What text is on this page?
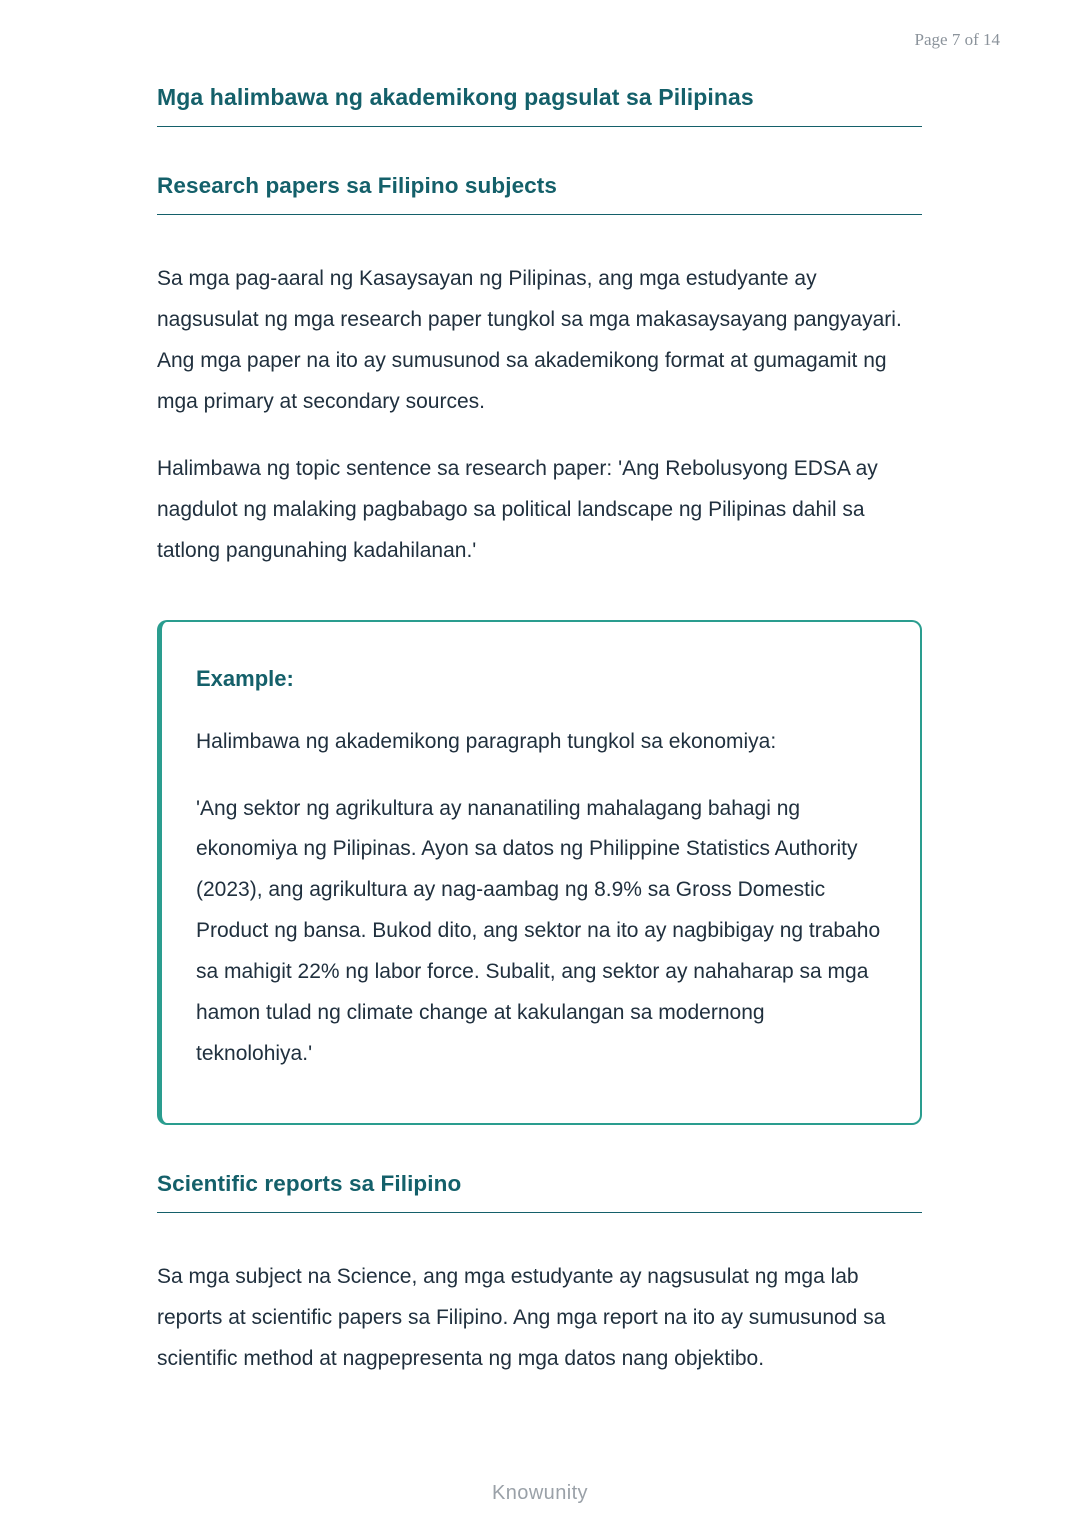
Page 7 of 14
Mga halimbawa ng akademikong pagsulat sa Pilipinas
Research papers sa Filipino subjects

Sa mga pag-aaral ng Kasaysayan ng Pilipinas, ang mga estudyante ay nagsusulat ng mga research paper tungkol sa mga makasaysayang pangyayari. Ang mga paper na ito ay sumusunod sa akademikong format at gumagamit ng mga primary at secondary sources.

Halimbawa ng topic sentence sa research paper: 'Ang Rebolusyong EDSA ay nagdulot ng malaking pagbabago sa political landscape ng Pilipinas dahil sa tatlong pangunahing kadahilanan.'

Example:

Halimbawa ng akademikong paragraph tungkol sa ekonomiya:

'Ang sektor ng agrikultura ay nananatiling mahalagang bahagi ng ekonomiya ng Pilipinas. Ayon sa datos ng Philippine Statistics Authority (2023), ang agrikultura ay nag-aambag ng 8.9% sa Gross Domestic Product ng bansa. Bukod dito, ang sektor na ito ay nagbibigay ng trabaho sa mahigit 22% ng labor force. Subalit, ang sektor ay nahaharap sa mga hamon tulad ng climate change at kakulangan sa modernong teknolohiya.'

Scientific reports sa Filipino

Sa mga subject na Science, ang mga estudyante ay nagsusulat ng mga lab reports at scientific papers sa Filipino. Ang mga report na ito ay sumusunod sa scientific method at nagpepresenta ng mga datos nang objektibo.

Knowunity
